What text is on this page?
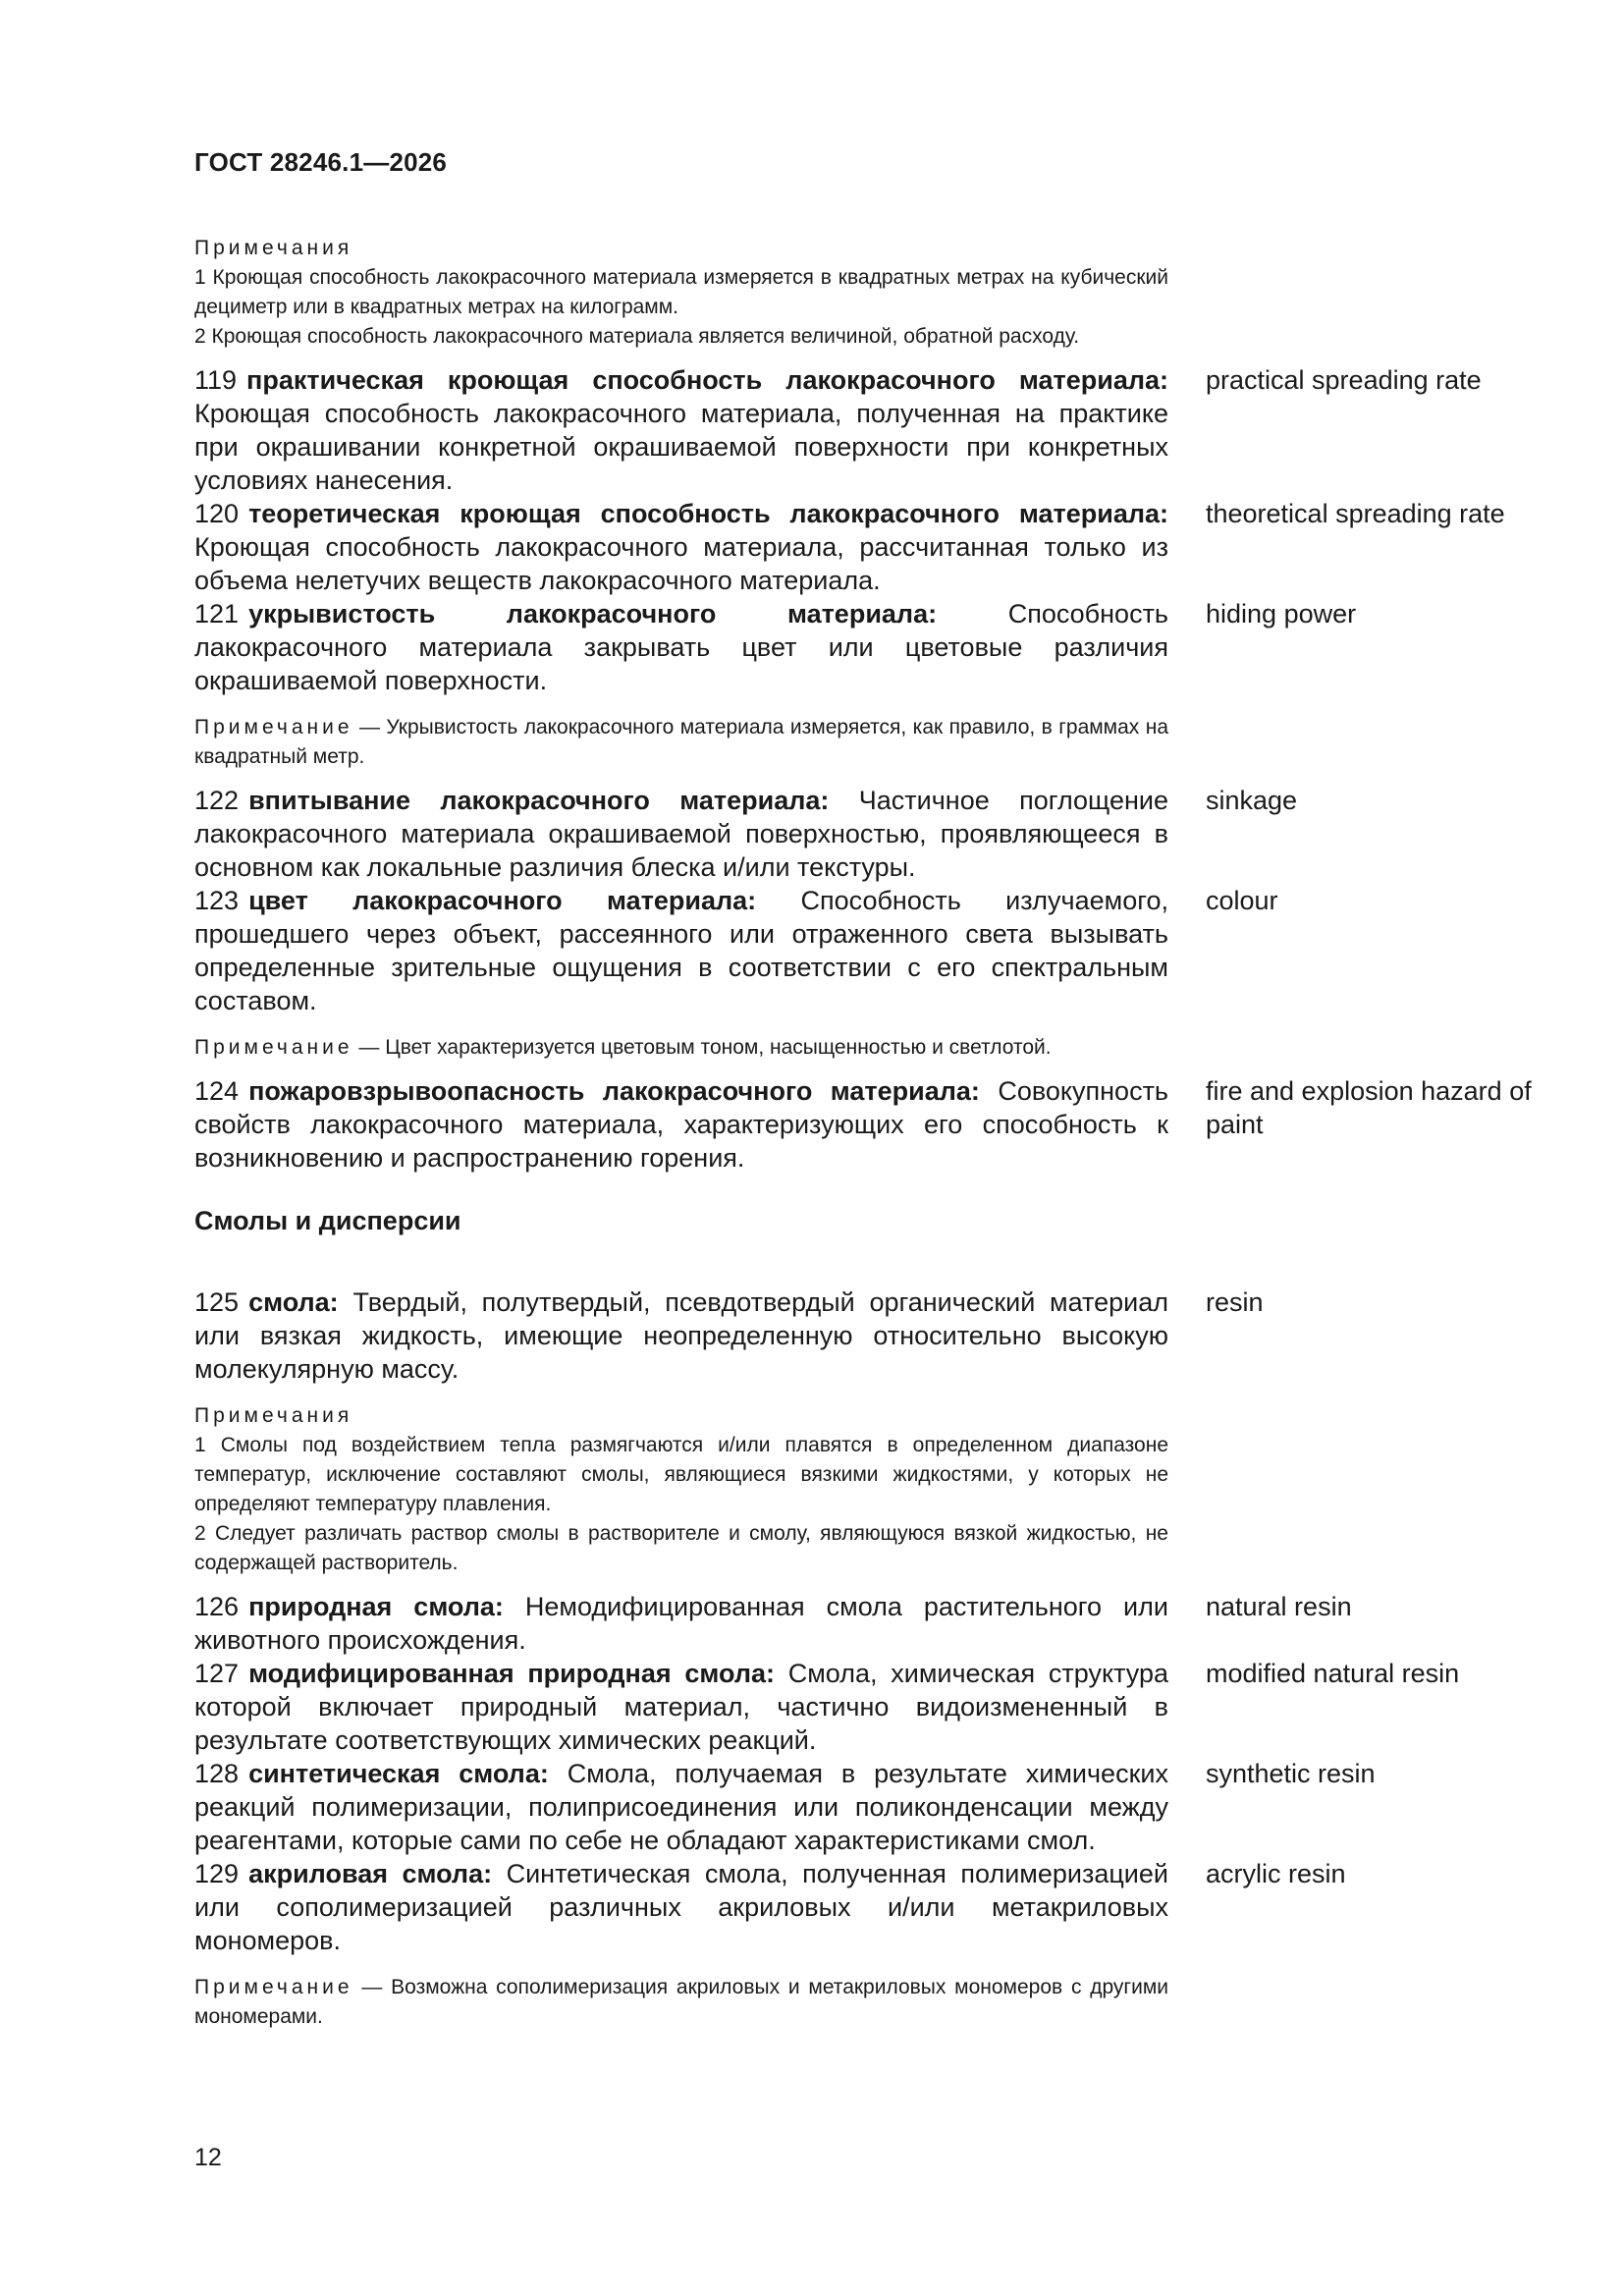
ГОСТ 28246.1—2026
Примечания
1 Кроющая способность лакокрасочного материала измеряется в квадратных метрах на кубический дециметр или в квадратных метрах на килограмм.
2 Кроющая способность лакокрасочного материала является величиной, обратной расходу.
119 практическая кроющая способность лакокрасочного материала: Кроющая способность лакокрасочного материала, полученная на практике при окрашивании конкретной окрашиваемой поверхности при конкретных условиях нанесения.
practical spreading rate
120 теоретическая кроющая способность лакокрасочного материала: Кроющая способность лакокрасочного материала, рассчитанная только из объема нелетучих веществ лакокрасочного материала.
theoretical spreading rate
121 укрывистость лакокрасочного материала:	Способность лакокрасочного материала закрывать цвет или цветовые различия окрашиваемой поверхности.
hiding power
Примечание — Укрывистость лакокрасочного материала измеряется, как правило, в граммах на квадратный метр.
122 впитывание лакокрасочного материала: Частичное поглощение лакокрасочного материала окрашиваемой поверхностью, проявляющееся в основном как локальные различия блеска и/или текстуры.
sinkage
123 цвет лакокрасочного материала: Способность излучаемого, прошедшего через объект, рассеянного или отраженного света вызывать определенные зрительные ощущения в соответствии с его спектральным составом.
colour
Примечание — Цвет характеризуется цветовым тоном, насыщенностью и светлотой.
124 пожаровзрывоопасность лакокрасочного материала: Совокупность свойств лакокрасочного материала, характеризующих его способность к возникновению и распространению горения.
fire and explosion hazard of paint
Смолы и дисперсии
125 смола: Твердый, полутвердый, псевдотвердый органический материал или вязкая жидкость, имеющие неопределенную относительно высокую молекулярную массу.
resin
Примечания
1 Смолы под воздействием тепла размягчаются и/или плавятся в определенном диапазоне температур, исключение составляют смолы, являющиеся вязкими жидкостями, у которых не определяют температуру плавления.
2 Следует различать раствор смолы в растворителе и смолу, являющуюся вязкой жидкостью, не содержащей растворитель.
126 природная смола: Немодифицированная смола растительного или животного происхождения.
natural resin
127 модифицированная природная смола: Смола, химическая структура которой включает природный материал, частично видоизмененный в результате соответствующих химических реакций.
modified natural resin
128 синтетическая смола: Смола, получаемая в результате химических реакций полимеризации, полиприсоединения или поликонденсации между реагентами, которые сами по себе не обладают характеристиками смол.
synthetic resin
129 акриловая смола: Синтетическая смола, полученная полимеризацией или сополимеризацией различных акриловых и/или метакриловых мономеров.
acrylic resin
Примечание — Возможна сополимеризация акриловых и метакриловых мономеров с другими мономерами.
12
